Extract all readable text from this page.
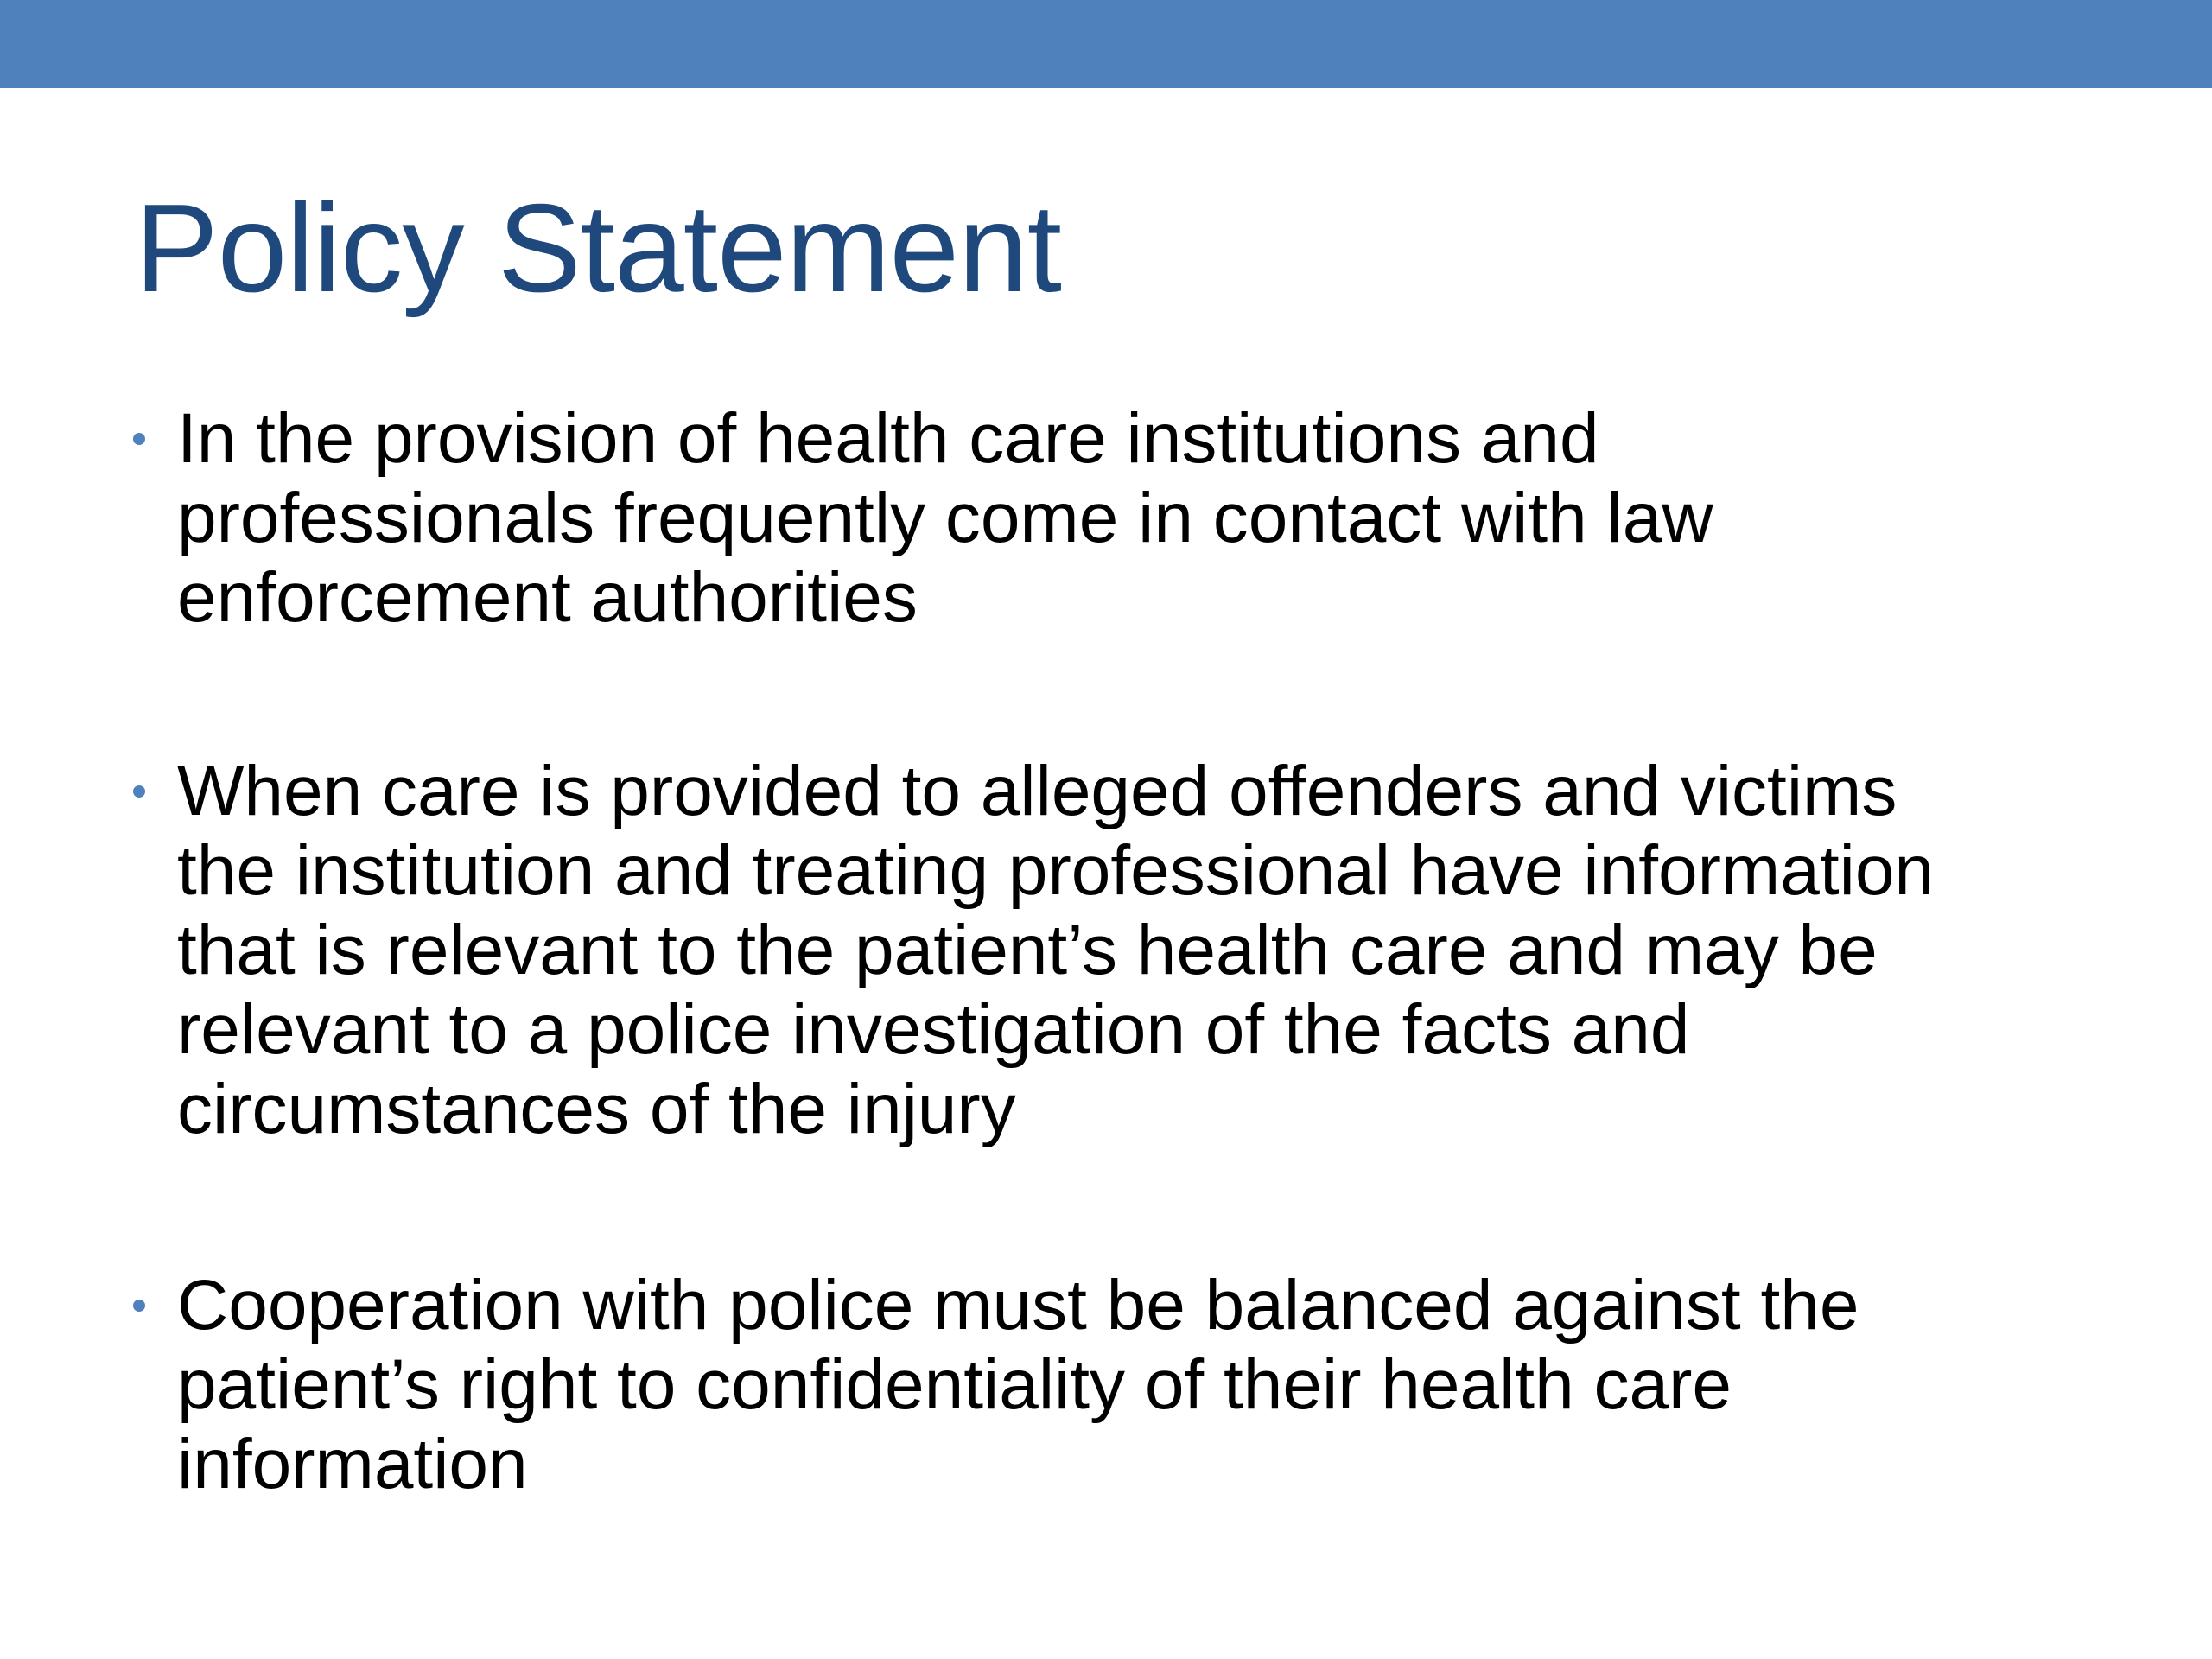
Policy Statement
In the provision of health care institutions and
professionals frequently come in contact with law
enforcement authorities
When care is provided to alleged offenders and victims
the institution and treating professional have information
that is relevant to the patient’s health care and may be
relevant to a police investigation of the facts and
circumstances of the injury
Cooperation with police must be balanced against the
patient’s right to confidentiality of their health care
information
